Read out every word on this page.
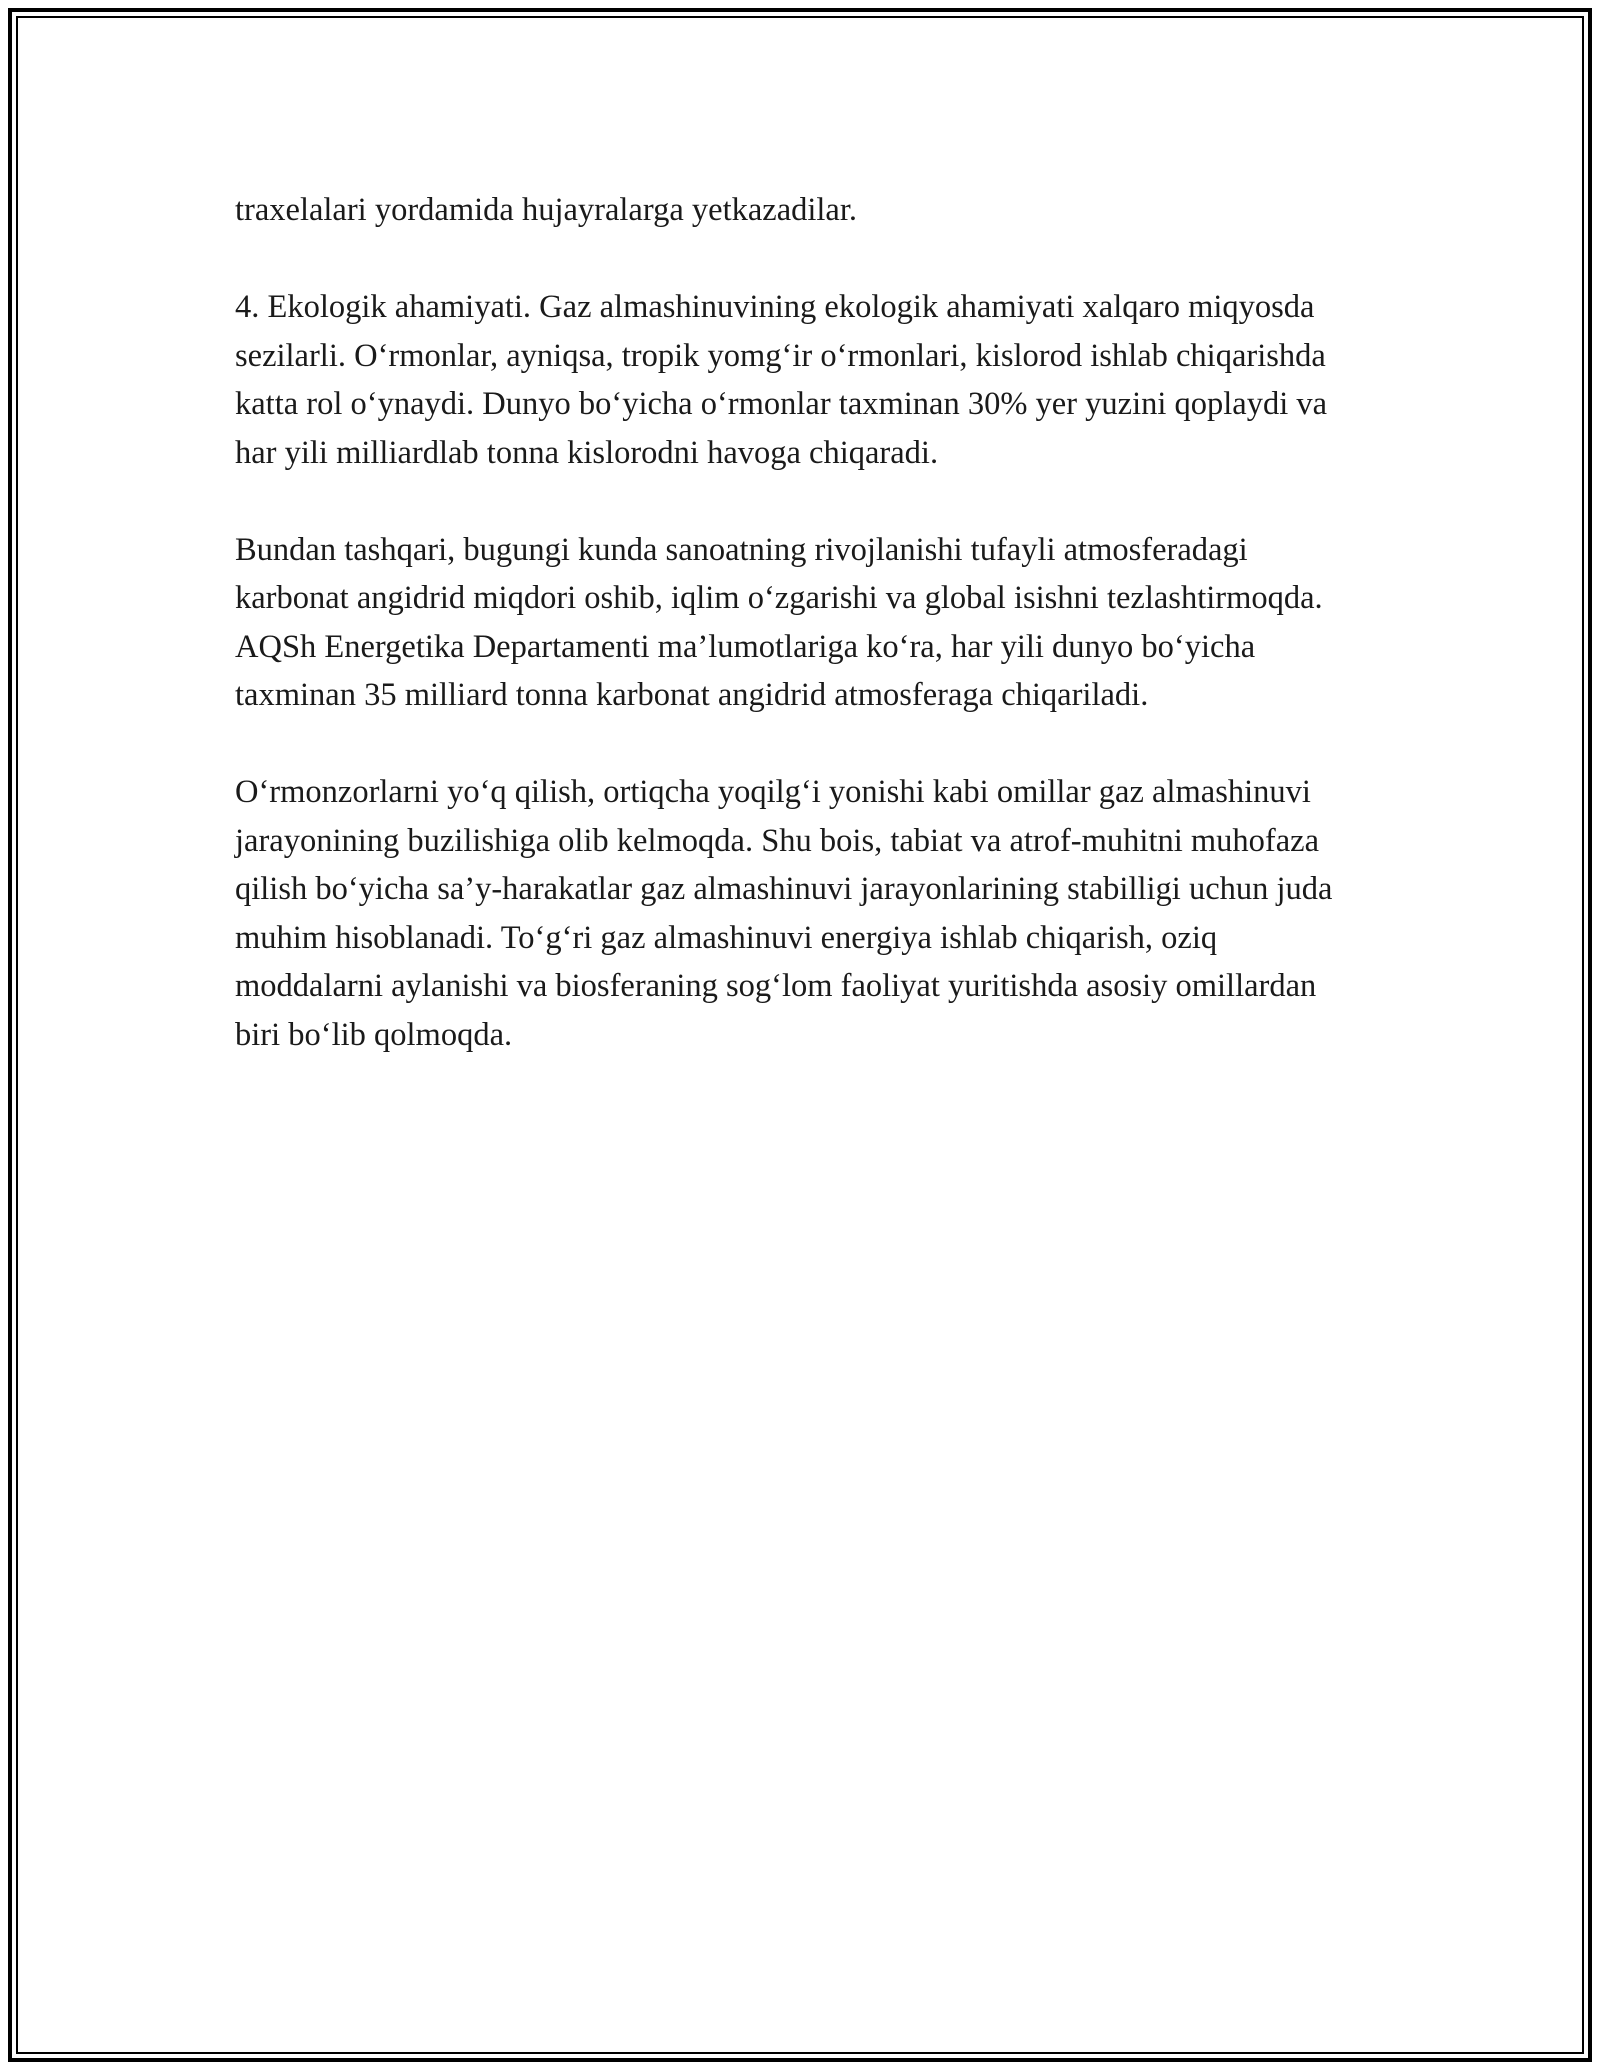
traxelalari yordamida hujayralarga yetkazadilar.

4. Ekologik ahamiyati. Gaz almashinuvining ekologik ahamiyati xalqaro miqyosda sezilarli. O‘rmonlar, ayniqsa, tropik yomg‘ir o‘rmonlari, kislorod ishlab chiqarishda katta rol o‘ynaydi. Dunyo bo‘yicha o‘rmonlar taxminan 30% yer yuzini qoplaydi va har yili milliardlab tonna kislorodni havoga chiqaradi.

Bundan tashqari, bugungi kunda sanoatning rivojlanishi tufayli atmosferadagi karbonat angidrid miqdori oshib, iqlim o‘zgarishi va global isishni tezlashtirmoqda. AQSh Energetika Departamenti ma’lumotlariga ko‘ra, har yili dunyo bo‘yicha taxminan 35 milliard tonna karbonat angidrid atmosferaga chiqariladi.

O‘rmonzorlarni yo‘q qilish, ortiqcha yoqilg‘i yonishi kabi omillar gaz almashinuvi jarayonining buzilishiga olib kelmoqda. Shu bois, tabiat va atrof-muhitni muhofaza qilish bo‘yicha sa’y-harakatlar gaz almashinuvi jarayonlarining stabilligi uchun juda muhim hisoblanadi. To‘g‘ri gaz almashinuvi energiya ishlab chiqarish, oziq moddalarni aylanishi va biosferaning sog‘lom faoliyat yuritishda asosiy omillardan biri bo‘lib qolmoqda.
